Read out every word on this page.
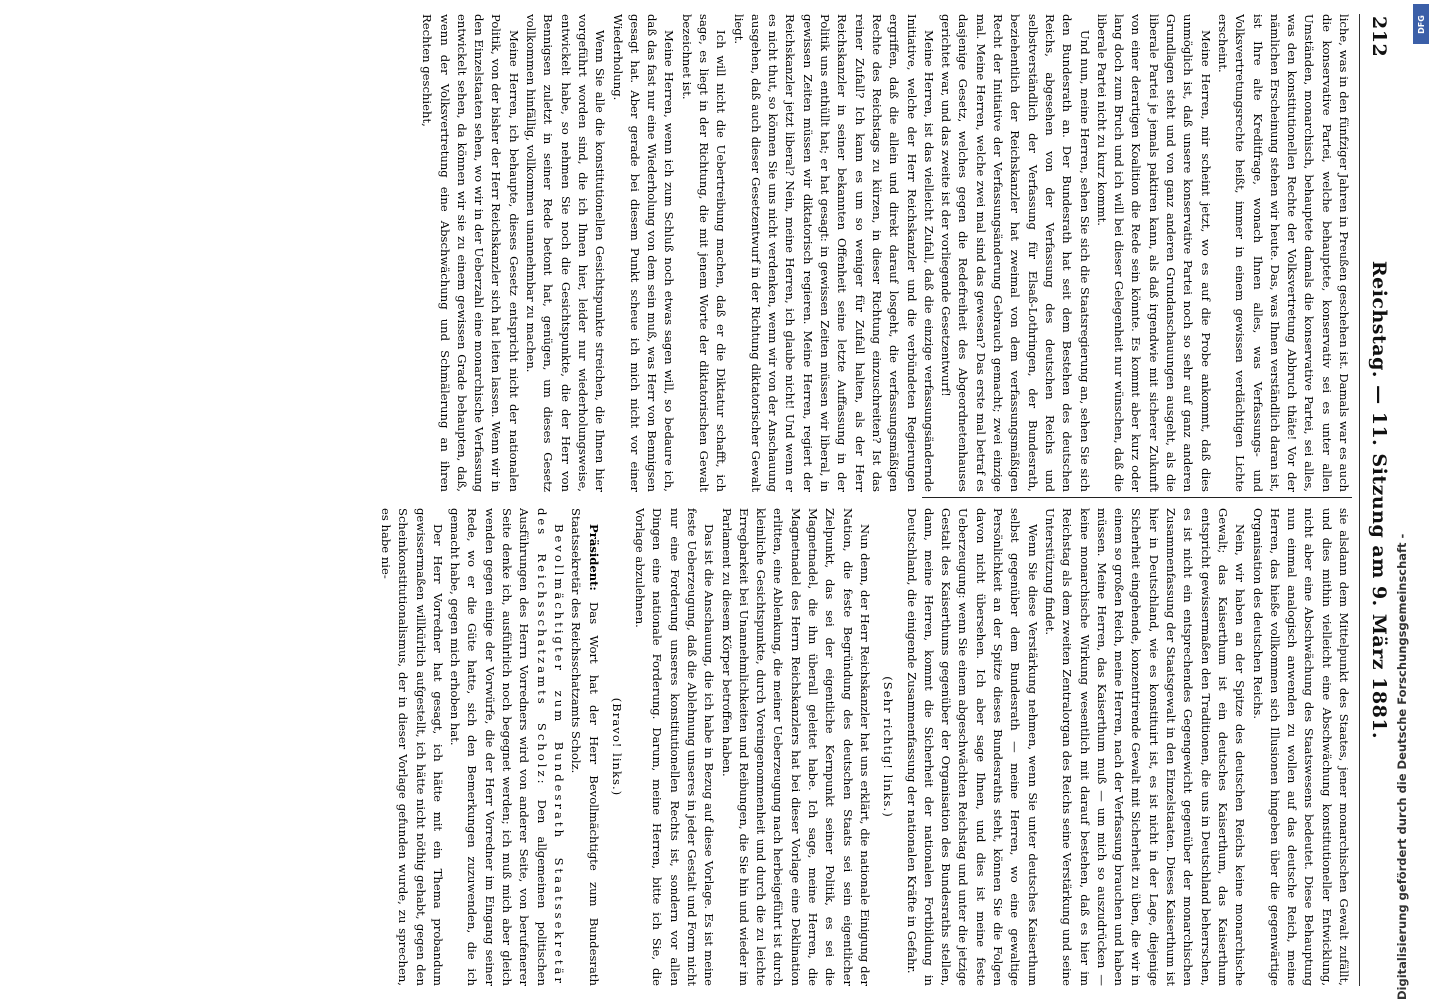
212
Reichstag. — 11. Sitzung am 9. März 1881.

liche, was in den fünfziger Jahren in Preußen geschehen ist. Damals war es auch die konservative Partei, welche behauptete, konservativ sei es unter allen Umständen, monarchisch, behauptete damals die konservative Partei, sei alles, was den konstitutionellen Rechte der Volksvertretung Abbruch thäte! Vor der nämlichen Erscheinung stehen wir heute. Das, was Ihnen verständlich daran ist, ist Ihre alte Kreditfrage, wonach Ihnen alles, was Verfassungs- und Volksvertretungsrechte heißt, immer in einem gewissen verdächtigen Lichte erscheint.

Meine Herren, mir scheint jetzt, wo es auf die Probe ankommt, daß dies unmöglich ist, daß unsere konservative Partei noch so sehr auf ganz anderen Grundlagen steht und von ganz anderen Grundanschauungen ausgeht, als die liberale Partei je jemals paktiren kann, als daß irgendwie mit sicherer Zukunft von einer derartigen Koalition die Rede sein könnte. Es kommt aber kurz oder lang doch zum Bruch und ich will bei dieser Gelegenheit nur wünschen, daß die liberale Partei nicht zu kurz kommt.

Und nun, meine Herren, sehen Sie sich die Staatsregierung an, sehen Sie sich den Bundesrath an. Der Bundesrath hat seit dem Bestehen des deutschen Reichs, abgesehen von der Verfassung des deutschen Reichs und selbstverständlich der Verfassung für Elsaß-Lothringen, der Bundesrath, beziehentlich der Reichskanzler hat zweimal von dem verfassungsmäßigen Recht der Initiative der Verfassungsänderung Gebrauch gemacht; zwei einzige mal. Meine Herren, welche zwei mal sind das gewesen? Das erste mal betraf es dasjenige Gesetz, welches gegen die Redefreiheit des Abgeordnetenhauses gerichtet war, und das zweite ist der vorliegende Gesetzentwurf!

Meine Herren, ist das vielleicht Zufall, daß die einzige verfassungsändernde Initiative, welche der Herr Reichskanzler und die verbündeten Regierungen ergriffen, daß die allein und direkt darauf losgeht, die verfassungsmäßigen Rechte des Reichstags zu kürzen, in dieser Richtung einzuschreiten? Ist das reiner Zufall? Ich kann es um so weniger für Zufall halten, als der Herr Reichskanzler in seiner bekannten Offenheit seine letzte Auffassung in der Politik uns enthüllt hat; er hat gesagt: in gewissen Zeiten müssen wir liberal, in gewissen Zeiten müssen wir diktatorisch regieren. Meine Herren, regiert der Reichskanzler jetzt liberal? Nein, meine Herren, ich glaube nicht! Und wenn er es nicht thut, so können Sie uns nicht verdenken, wenn wir von der Anschauung ausgehen, daß auch dieser Gesetzentwurf in der Richtung diktatorischer Gewalt liegt.

Ich will nicht die Uebertreibung machen, daß er die Diktatur schafft, ich sage, es liegt in der Richtung, die mit jenem Worte der diktatorischen Gewalt bezeichnet ist.

Meine Herren, wenn ich zum Schluß noch etwas sagen will, so bedaure ich, daß das fast nur eine Wiederholung von dem sein muß, was Herr von Bennigsen gesagt hat. Aber gerade bei diesem Punkt scheue ich mich nicht vor einer Wiederholung.

Wenn Sie alle die konstitutionellen Gesichtspunkte streichen, die Ihnen hier vorgeführt worden sind, die ich Ihnen hier, leider nur wiederholungsweise, entwickelt habe, so nehmen Sie noch die Gesichtspunkte, die der Herr von Bennigsen zuletzt in seiner Rede betont hat, genügen, um dieses Gesetz vollkommen hinfällig, vollkommen unannehmbar zu machen.

Meine Herren, ich behaupte, dieses Gesetz entspricht nicht der nationalen Politik, von der bisher der Herr Reichskanzler sich hat leiten lassen. Wenn wir in den Einzelstaaten sehen, wo wir in der Ueberzahl eine monarchische Verfassung entwickelt sehen, da können wir sie zu einem gewissen Grade behaupten, daß, wenn der Volksvertretung eine Abschwächung und Schmälerung an ihren Rechten geschieht,

sie alsdann dem Mittelpunkt des Staates, jener monarchischen Gewalt zufällt, und dies mithin vielleicht eine Abschwächung konstitutioneller Entwicklung, nicht aber eine Abschwächung des Staatswesens bedeutet. Diese Behauptung nun einmal analogisch anwenden zu wollen auf das deutsche Reich, meine Herren, das hieße vollkommen sich Illusionen hingeben über die gegenwärtige Organisation des deutschen Reichs.

Nein, wir haben an der Spitze des deutschen Reichs keine monarchische Gewalt; das Kaiserthum ist ein deutsches Kaiserthum, das Kaiserthum entspricht gewissermaßen den Traditionen, die uns in Deutschland beherrschen, es ist nicht ein entsprechendes Gegengewicht gegenüber der monarchischen Zusammenfassung der Staatsgewalt in den Einzelstaaten. Dieses Kaiserthum ist hier in Deutschland, wie es konstituirt ist, es ist nicht in der Lage, diejenige Sicherheit eingehende, konzentrirende Gewalt mit Sicherheit zu üben, die wir in einem so großen Reich, meine Herren, nach der Verfassung brauchen und haben müssen. Meine Herren, das Kaiserthum muß — um mich so auszudrücken — keine monarchische Wirkung wesentlich mit darauf bestehen, daß es hier im Reichstag als dem zweiten Zentralorgan des Reichs seine Verstärkung und seine Unterstützung findet.

Wenn Sie diese Verstärkung nehmen, wenn Sie unter deutsches Kaiserthum selbst gegenüber dem Bundesrath — meine Herren, wo eine gewaltige Persönlichkeit an der Spitze dieses Bundesraths steht, können Sie die Folgen davon nicht übersehen. Ich aber sage Ihnen, und dies ist meine feste Ueberzeugung: wenn Sie einem abgeschwächten Reichstag und unter die jetzige Gestalt des Kaiserthums gegenüber der Organisation des Bundesraths stellen, dann, meine Herren, kommt die Sicherheit der nationalen Fortbildung in Deutschland, die einigende Zusammenfassung der nationalen Kräfte in Gefahr.

(Sehr richtig! links.)

Nun denn, der Herr Reichskanzler hat uns erklärt, die nationale Einigung der Nation, die feste Begründung des deutschen Staats sei sein eigentlicher Zielpunkt, das sei der eigentliche Kernpunkt seiner Politik, es sei die Magnetnadel, die ihn überall geleitet habe. Ich sage, meine Herren, die Magnetnadel des Herrn Reichskanzlers hat bei dieser Vorlage eine Deklination erlitten, eine Ablenkung, die meiner Ueberzeugung nach herbeigeführt ist durch kleinliche Gesichtspunkte, durch Voreingenommenheit und durch die zu leichte Erregbarkeit bei Unannehmlichkeiten und Reibungen, die Sie hin und wieder im Parlament zu diesem Körper betroffen haben.

Das ist die Anschauung, die ich habe in Bezug auf diese Vorlage. Es ist meine feste Ueberzeugung, daß die Ablehnung unseres in jeder Gestalt und Form nicht nur eine Forderung unseres konstitutionellen Rechts ist, sondern vor allen Dingen eine nationale Forderung. Darum, meine Herren, bitte ich Sie, die Vorlage abzulehnen.

(Bravo! links.)

Präsident: Das Wort hat der Herr Bevollmächtigte zum Bundesrath Staatssekretär des Reichsschatzamts Scholz.

Bevollmächtigter zum Bundesrath Staatssekretär des Reichsschatzamts Scholz: Den allgemeinen politischen Ausführungen des Herrn Vorredners wird von anderer Seite, von berufenerer Seite denke ich, ausführlich noch begegnet werden; ich muß mich aber gleich wenden gegen einige der Vorwürfe, die der Herr Vorredner im Eingang seiner Rede, wo er die Güte hatte, sich den Bemerkungen zuzuwenden, die ich gemacht habe, gegen mich erhoben hat.

Der Herr Vorredner hat gesagt, ich hätte mit ein Thema probandum gewissermaßen willkürlich aufgestellt, ich hätte nicht nöthig gehabt, gegen den Scheinkonstitutionalismus, der in dieser Vorlage gefunden wurde, zu sprechen, es habe nie-	Digitalisierung gefördert durch die Deutsche Forschungsgemeinschaft -
DFG
